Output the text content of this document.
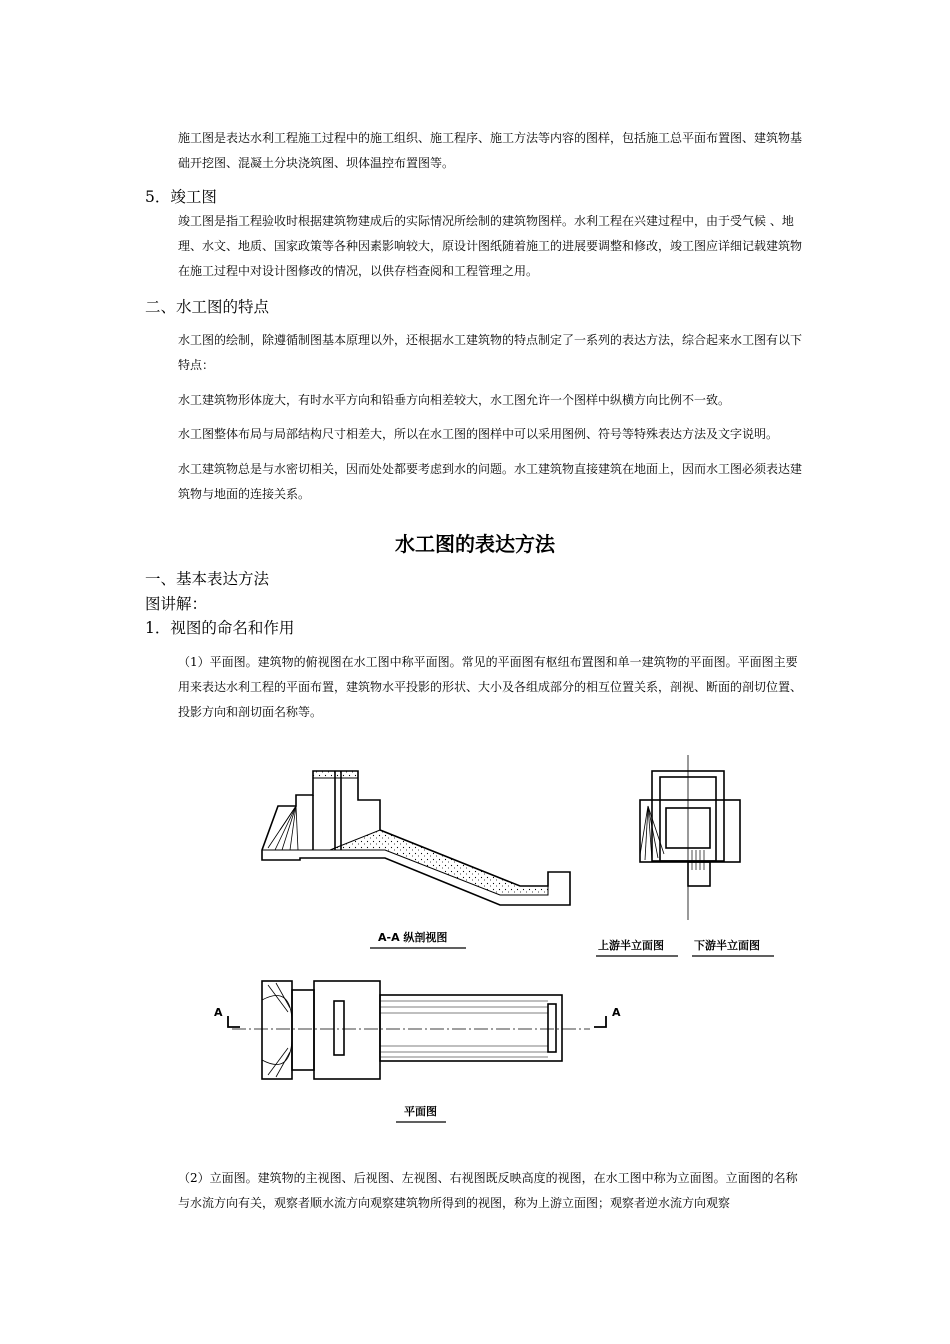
施工图是表达水利工程施工过程中的施工组织、施工程序、施工方法等内容的图样，包括施工总平面布置图、建筑物基础开挖图、混凝土分块浇筑图、坝体温控布置图等。

5．竣工图

竣工图是指工程验收时根据建筑物建成后的实际情况所绘制的建筑物图样。水利工程在兴建过程中，由于受气候 、地理、水文、地质、国家政策等各种因素影响较大，原设计图纸随着施工的进展要调整和修改，竣工图应详细记载建筑物在施工过程中对设计图修改的情况，以供存档查阅和工程管理之用。

二、水工图的特点

水工图的绘制，除遵循制图基本原理以外，还根据水工建筑物的特点制定了一系列的表达方法，综合起来水工图有以下特点：

水工建筑物形体庞大，有时水平方向和铅垂方向相差较大，水工图允许一个图样中纵横方向比例不一致。

水工图整体布局与局部结构尺寸相差大，所以在水工图的图样中可以采用图例、符号等特殊表达方法及文字说明。

水工建筑物总是与水密切相关，因而处处都要考虑到水的问题。水工建筑物直接建筑在地面上，因而水工图必须表达建筑物与地面的连接关系。

水工图的表达方法

一、基本表达方法

图讲解：

1．视图的命名和作用

（1）平面图。建筑物的俯视图在水工图中称平面图。常见的平面图有枢纽布置图和单一建筑物的平面图。平面图主要用来表达水利工程的平面布置，建筑物水平投影的形状、大小及各组成部分的相互位置关系，剖视、断面的剖切位置、投影方向和剖切面名称等。

A-A 纵剖视图
上游半立面图	下游半立面图
平面图
A	A

（2）立面图。建筑物的主视图、后视图、左视图、右视图既反映高度的视图，在水工图中称为立面图。立面图的名称与水流方向有关，观察者顺水流方向观察建筑物所得到的视图，称为上游立面图；观察者逆水流方向观察
